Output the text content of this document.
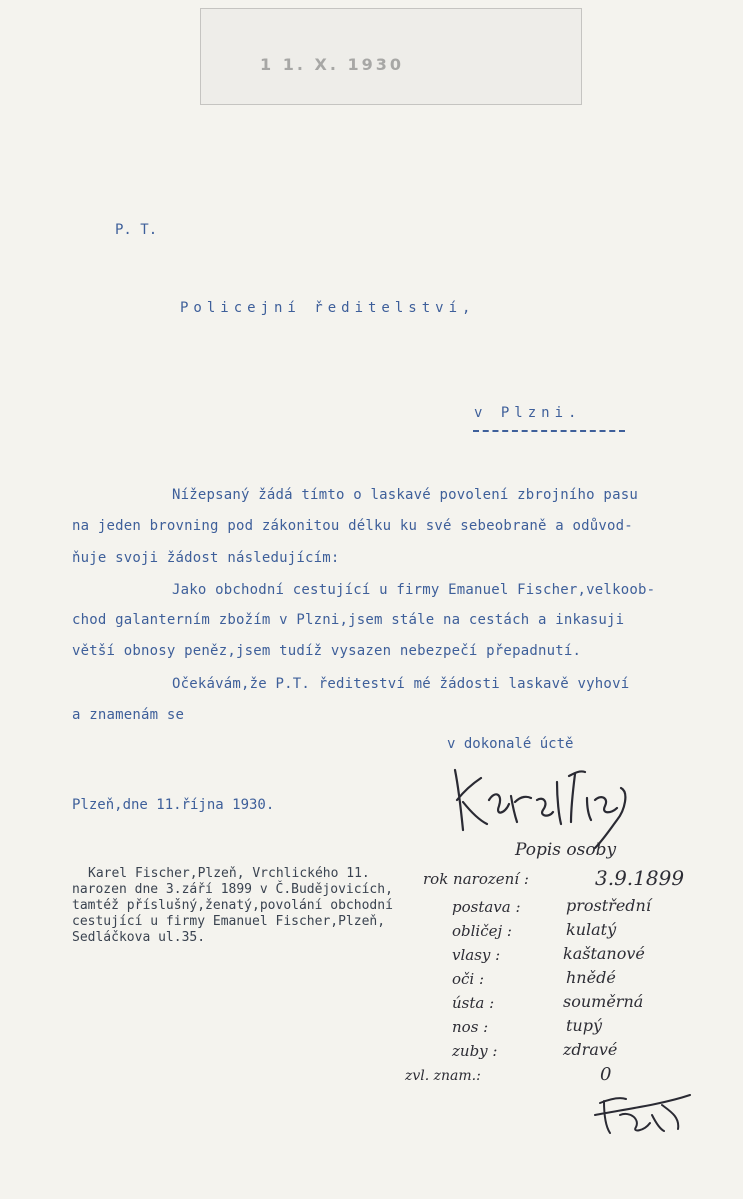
1 1. X. 1930
P. T.
Policejní ředitelství,
v Plzni.
Nížepsaný žádá tímto o laskavé povolení zbrojního pasu
na jeden brovning pod zákonitou délku ku své sebeobraně a odůvod-
ňuje svoji žádost následujícím:
Jako obchodní cestující u firmy Emanuel Fischer,velkoob-
chod galanterním zbožím v Plzni,jsem stále na cestách a inkasuji
větší obnosy peněz,jsem tudíž vysazen nebezpečí přepadnutí.
Očekávám,že P.T. řediteství mé žádosti laskavě vyhoví
a znamenám se
v dokonalé úctě
Plzeň,dne 11.října 1930.
Karel Fischer,Plzeň, Vrchlického 11.
narozen dne 3.září 1899 v Č.Budějovicích,
tamtéž příslušný,ženatý,povolání obchodní
cestující u firmy Emanuel Fischer,Plzeň,
Sedláčkova ul.35.
Popis osoby
rok narození :	3.9.1899
postava :	prostřední
obličej :	kulatý
vlasy :	kaštanové
oči :	hnědé
ústa :	souměrná
nos :	tupý
zuby :	zdravé
zvl. znam.:	0
